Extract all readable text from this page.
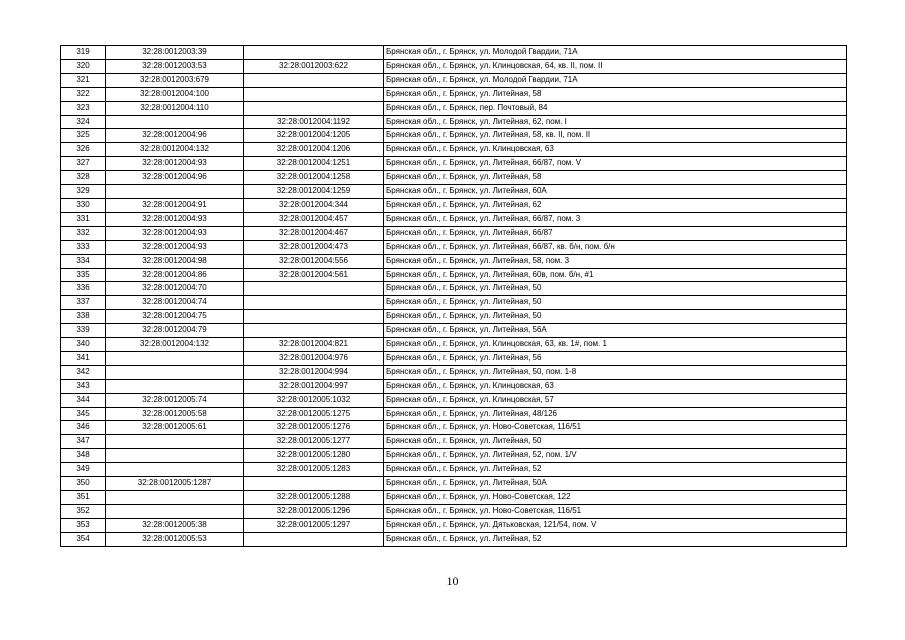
319	32:28:0012003:39		Брянская обл., г. Брянск, ул. Молодой Гвардии, 71А
320	32:28:0012003:53	32:28:0012003:622	Брянская обл., г. Брянск, ул. Клинцовская, 64, кв. II, пом. II
321	32:28:0012003:679		Брянская обл., г. Брянск, ул. Молодой Гвардии, 71А
322	32:28:0012004:100		Брянская обл., г. Брянск, ул. Литейная, 58
323	32:28:0012004:110		Брянская обл., г. Брянск, пер. Почтовый, 84
324		32:28:0012004:1192	Брянская обл., г. Брянск, ул. Литейная, 62, пом. I
325	32:28:0012004:96	32:28:0012004:1205	Брянская обл., г. Брянск, ул. Литейная, 58, кв. II, пом. II
326	32:28:0012004:132	32:28:0012004:1206	Брянская обл., г. Брянск, ул. Клинцовская, 63
327	32:28:0012004:93	32:28:0012004:1251	Брянская обл., г. Брянск, ул. Литейная, 66/87, пом. V
328	32:28:0012004:96	32:28:0012004:1258	Брянская обл., г. Брянск, ул. Литейная, 58
329		32:28:0012004:1259	Брянская обл., г. Брянск, ул. Литейная, 60А
330	32:28:0012004:91	32:28:0012004:344	Брянская обл., г. Брянск, ул. Литейная, 62
331	32:28:0012004:93	32:28:0012004:457	Брянская обл., г. Брянск, ул. Литейная, 66/87, пом. 3
332	32:28:0012004:93	32:28:0012004:467	Брянская обл., г. Брянск, ул. Литейная, 66/87
333	32:28:0012004:93	32:28:0012004:473	Брянская обл., г. Брянск, ул. Литейная, 66/87, кв. б/н, пом. б/н
334	32:28:0012004:98	32:28:0012004:556	Брянская обл., г. Брянск, ул. Литейная, 58, пом. 3
335	32:28:0012004:86	32:28:0012004:561	Брянская обл., г. Брянск, ул. Литейная, 60в, пом. б/н, #1
336	32:28:0012004:70		Брянская обл., г. Брянск, ул. Литейная, 50
337	32:28:0012004:74		Брянская обл., г. Брянск, ул. Литейная, 50
338	32:28:0012004:75		Брянская обл., г. Брянск, ул. Литейная, 50
339	32:28:0012004:79		Брянская обл., г. Брянск, ул. Литейная, 56А
340	32:28:0012004:132	32:28:0012004:821	Брянская обл., г. Брянск, ул. Клинцовская, 63, кв. 1#, пом. 1
341		32:28:0012004:976	Брянская обл., г. Брянск, ул. Литейная, 56
342		32:28:0012004:994	Брянская обл., г. Брянск, ул. Литейная, 50, пом. 1-8
343		32:28:0012004:997	Брянская обл., г. Брянск, ул. Клинцовская, 63
344	32:28:0012005:74	32:28:0012005:1032	Брянская обл., г. Брянск, ул. Клинцовская, 57
345	32:28:0012005:58	32:28:0012005:1275	Брянская обл., г. Брянск, ул. Литейная, 48/126
346	32:28:0012005:61	32:28:0012005:1276	Брянская обл., г. Брянск, ул. Ново-Советская, 116/51
347		32:28:0012005:1277	Брянская обл., г. Брянск, ул. Литейная, 50
348		32:28:0012005:1280	Брянская обл., г. Брянск, ул. Литейная, 52, пом. 1/V
349		32:28:0012005:1283	Брянская обл., г. Брянск, ул. Литейная, 52
350	32:28:0012005:1287		Брянская обл., г. Брянск, ул. Литейная, 50А
351		32:28:0012005:1288	Брянская обл., г. Брянск, ул. Ново-Советская, 122
352		32:28:0012005:1296	Брянская обл., г. Брянск, ул. Ново-Советская, 116/51
353	32:28:0012005:38	32:28:0012005:1297	Брянская обл., г. Брянск, ул. Дятьковская, 121/54, пом. V
354	32:28:0012005:53		Брянская обл., г. Брянск, ул. Литейная, 52
10
